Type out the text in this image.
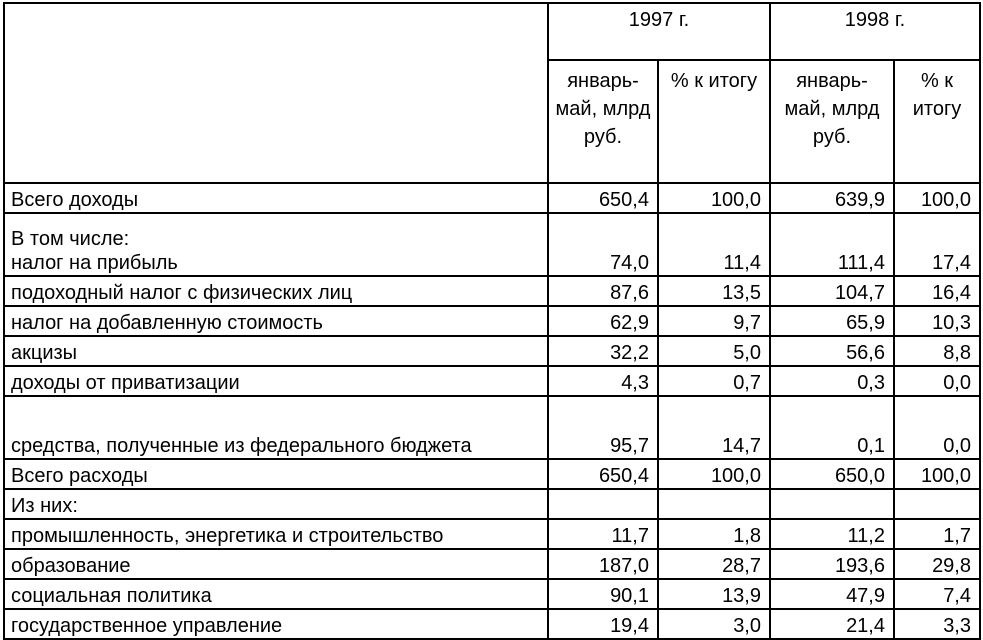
	1997 г.		1998 г.	
	январь-май, млрд руб.	% к итогу	январь-май, млрд руб.	% к итогу
Всего доходы	650,4	100,0	639,9	100,0
В том числе:
налог на прибыль	74,0	11,4	111,4	17,4
подоходный налог с физических лиц	87,6	13,5	104,7	16,4
налог на добавленную стоимость	62,9	9,7	65,9	10,3
акцизы	32,2	5,0	56,6	8,8
доходы от приватизации	4,3	0,7	0,3	0,0
средства, полученные из федерального бюджета	95,7	14,7	0,1	0,0
Всего расходы	650,4	100,0	650,0	100,0
Из них:				
промышленность, энергетика и строительство	11,7	1,8	11,2	1,7
образование	187,0	28,7	193,6	29,8
социальная политика	90,1	13,9	47,9	7,4
государственное управление	19,4	3,0	21,4	3,3
